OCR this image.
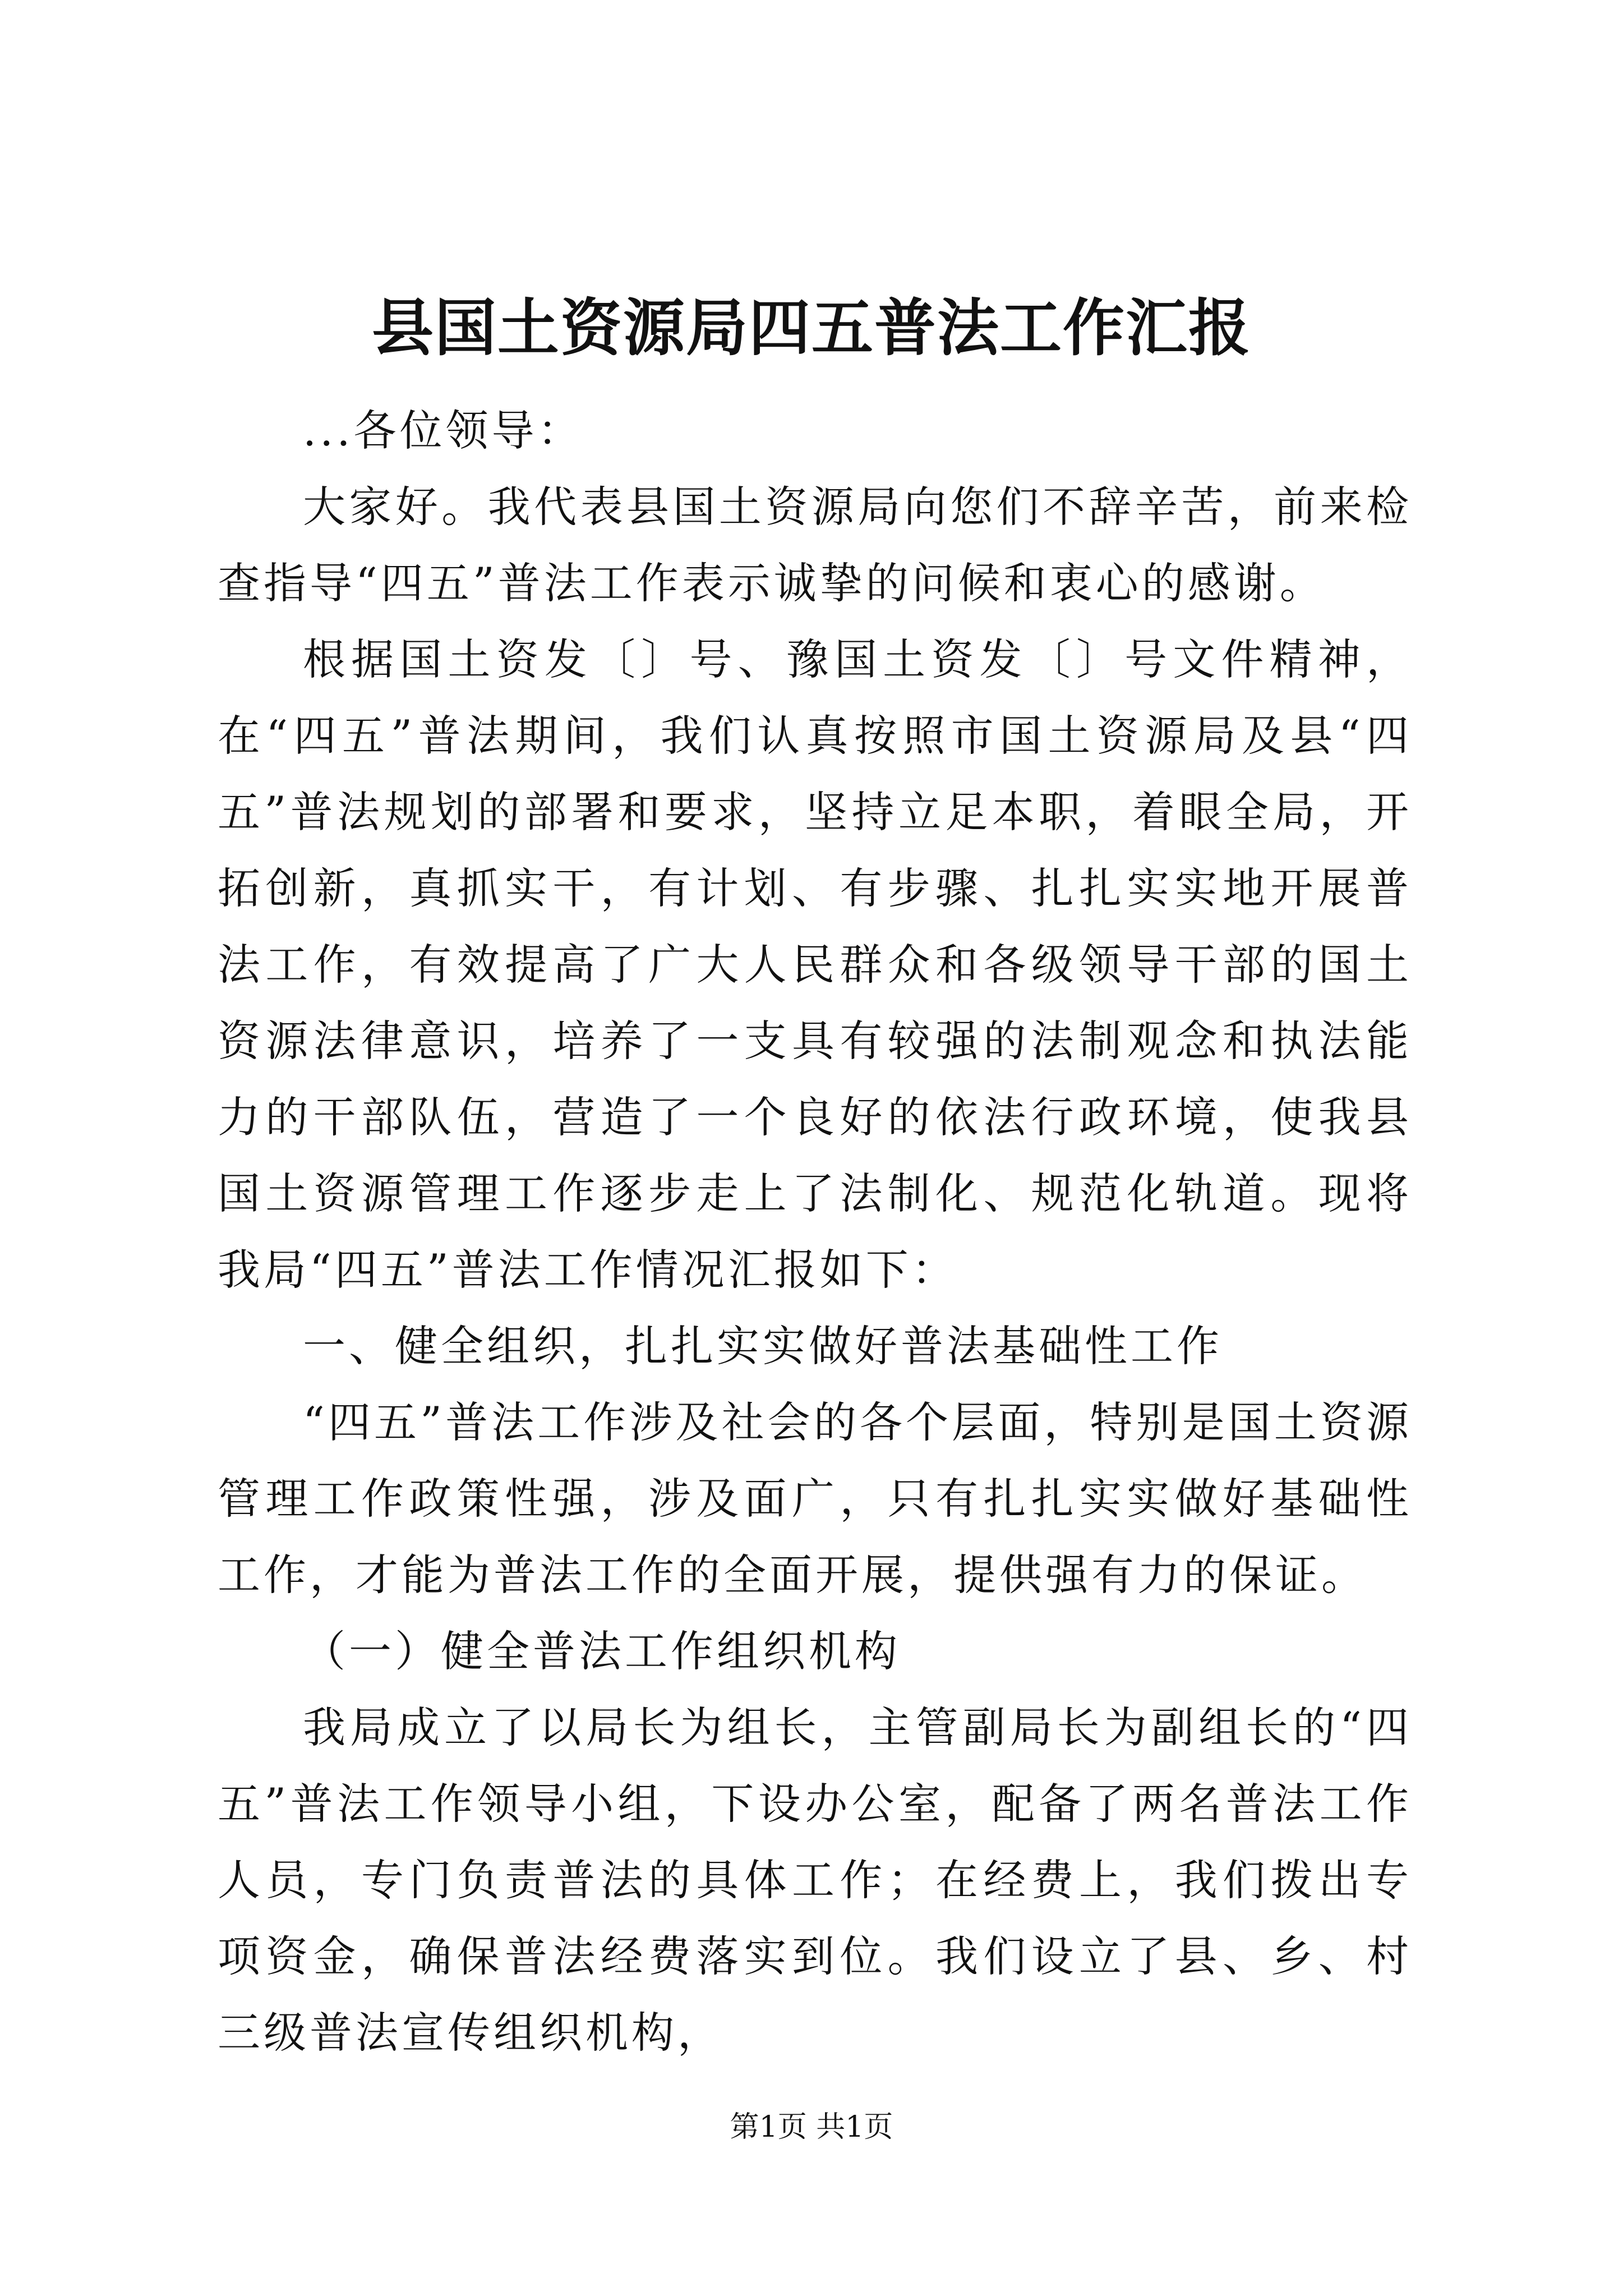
县国土资源局四五普法工作汇报

...各位领导：

大家好。我代表县国土资源局向您们不辞辛苦，前来检查指导“四五”普法工作表示诚挚的问候和衷心的感谢。

根据国土资发〔〕号、豫国土资发〔〕号文件精神，在“四五”普法期间，我们认真按照市国土资源局及县“四五”普法规划的部署和要求，坚持立足本职，着眼全局，开拓创新，真抓实干，有计划、有步骤、扎扎实实地开展普法工作，有效提高了广大人民群众和各级领导干部的国土资源法律意识，培养了一支具有较强的法制观念和执法能力的干部队伍，营造了一个良好的依法行政环境，使我县国土资源管理工作逐步走上了法制化、规范化轨道。现将我局“四五”普法工作情况汇报如下：

一、健全组织，扎扎实实做好普法基础性工作

“四五”普法工作涉及社会的各个层面，特别是国土资源管理工作政策性强，涉及面广，只有扎扎实实做好基础性工作，才能为普法工作的全面开展，提供强有力的保证。

（一）健全普法工作组织机构

我局成立了以局长为组长，主管副局长为副组长的“四五”普法工作领导小组，下设办公室，配备了两名普法工作人员，专门负责普法的具体工作；在经费上，我们拨出专项资金，确保普法经费落实到位。我们设立了县、乡、村三级普法宣传组织机构，

第1页 共1页
